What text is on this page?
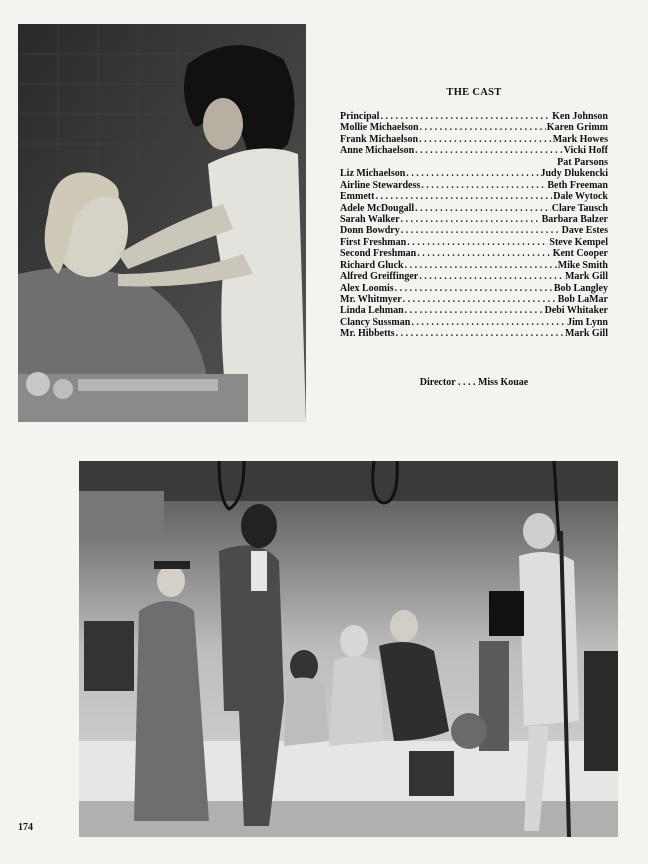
THE CAST
Principal . . .	Ken Johnson
Mollie Michaelson . . .	Karen Grimm
Frank Michaelson . . .	Mark Howes
Anne Michaelson . . .	Vicki Hoff
Pat Parsons
Liz Michaelson . . .	Judy Dlukencki
Airline Stewardess . . .	Beth Freeman
Emmett . . .	Dale Wytock
Adele McDougall . . .	Clare Tausch
Sarah Walker . . .	Barbara Balzer
Donn Bowdry . . .	Dave Estes
First Freshman . . .	Steve Kempel
Second Freshman . . .	Kent Cooper
Richard Gluck . . .	Mike Smith
Alfred Greiffinger . . .	Mark Gill
Alex Loomis . . .	Bob Langley
Mr. Whitmyer . . .	Bob LaMar
Linda Lehman . . .	Debi Whitaker
Clancy Sussman . . .	Jim Lynn
Mr. Hibbetts . . .	Mark Gill
Director . . . . Miss Kouae
174
